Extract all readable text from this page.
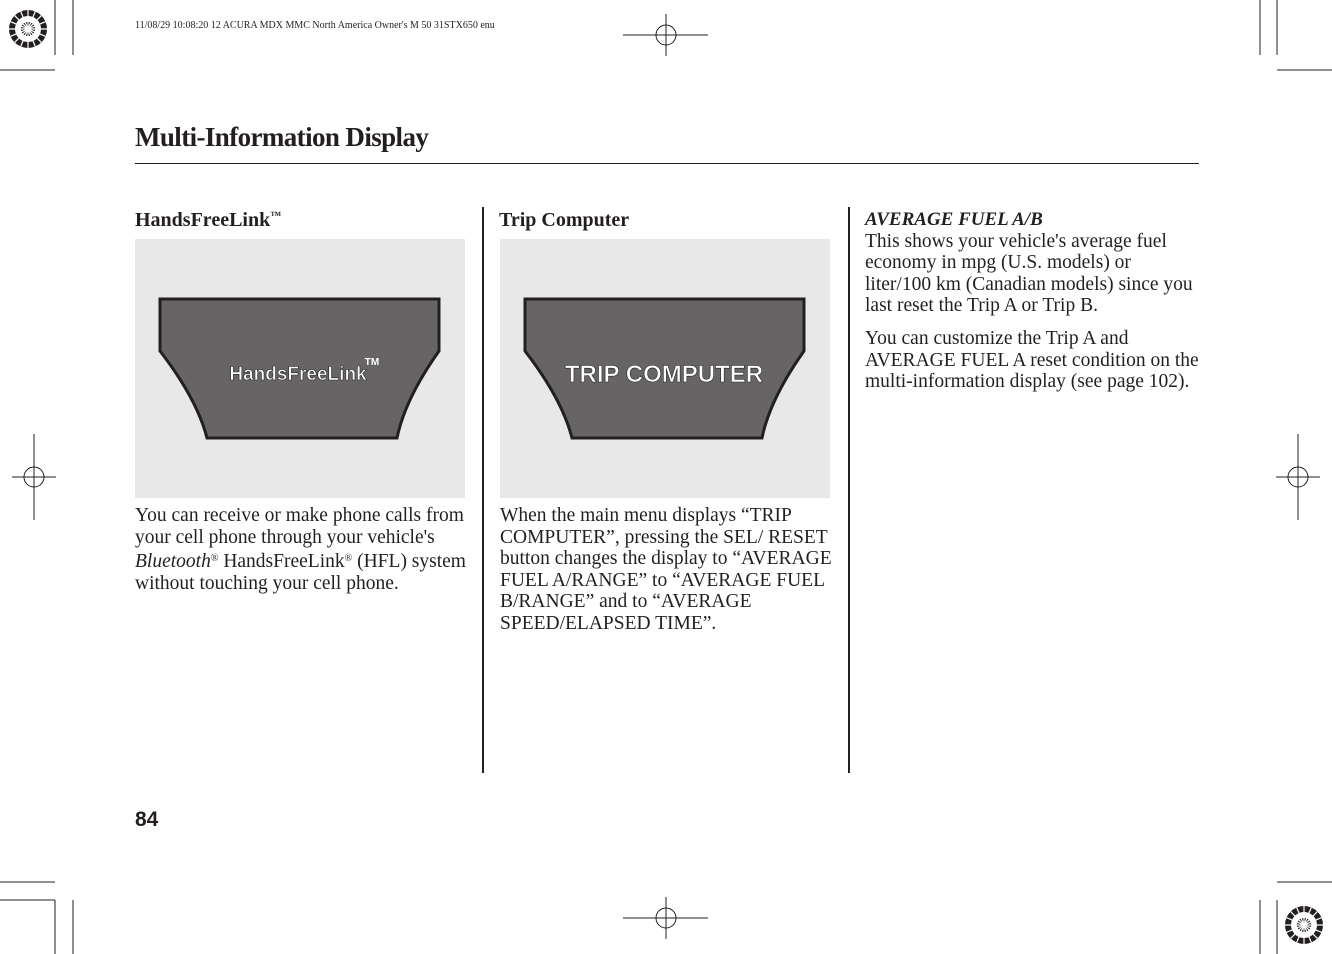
11/08/29 10:08:20 12 ACURA MDX MMC North America Owner's M 50 31STX650 enu
Multi-Information Display
HandsFreeLink™
HandsFreeLink
TM

You can receive or make phone calls from your cell phone through your vehicle's Bluetooth® HandsFreeLink® (HFL) system without touching your cell phone.

Trip Computer
TRIP COMPUTER

When the main menu displays “TRIP COMPUTER”, pressing the SEL/ RESET button changes the display to “AVERAGE FUEL A/RANGE” to “AVERAGE FUEL B/RANGE” and to “AVERAGE SPEED/ELAPSED TIME”.

AVERAGE FUEL A/B

This shows your vehicle's average fuel economy in mpg (U.S. models) or liter/100 km (Canadian models) since you last reset the Trip A or Trip B.

You can customize the Trip A and AVERAGE FUEL A reset condition on the multi-information display (see page 102).

84
